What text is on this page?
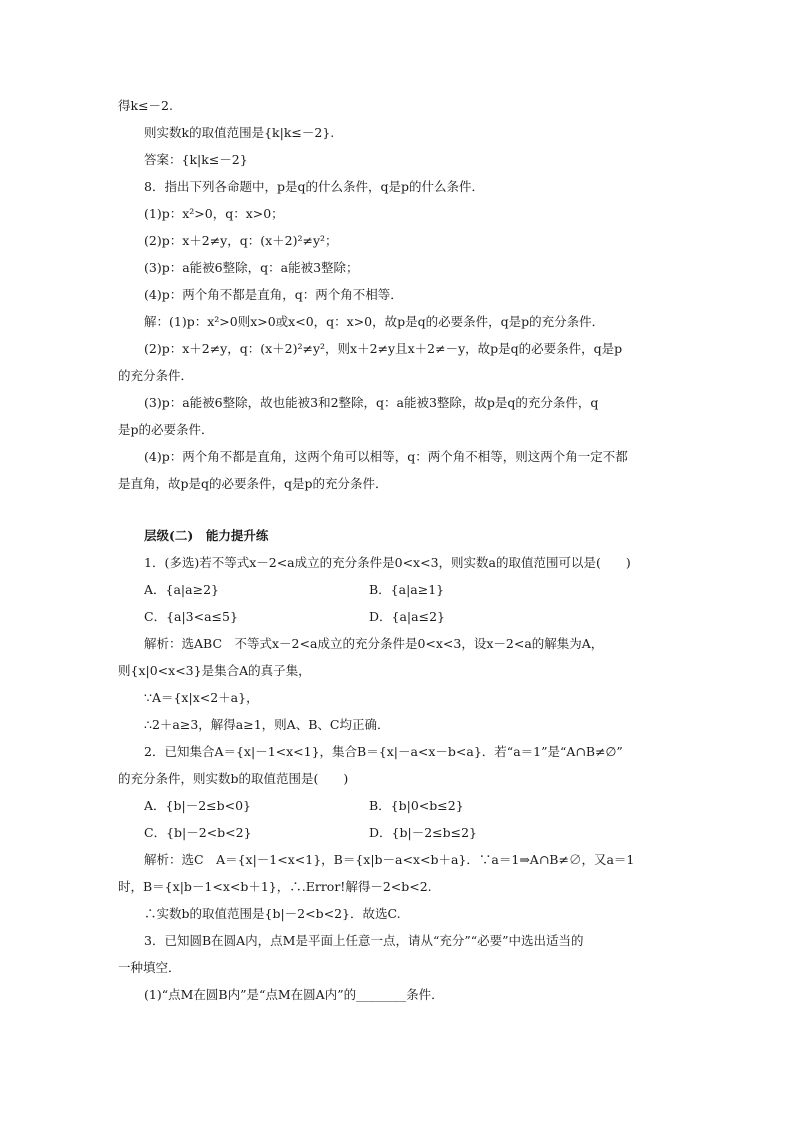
得k≤－2.
则实数k的取值范围是{k|k≤－2}.
答案：{k|k≤－2}
8．指出下列各命题中，p是q的什么条件，q是p的什么条件．
(1)p：x²>0，q：x>0；
(2)p：x＋2≠y，q：(x＋2)²≠y²；
(3)p：a能被6整除，q：a能被3整除；
(4)p：两个角不都是直角，q：两个角不相等．
解：(1)p：x²>0则x>0或x<0，q：x>0，故p是q的必要条件，q是p的充分条件．
(2)p：x＋2≠y，q：(x＋2)²≠y²，则x＋2≠y且x＋2≠－y，故p是q的必要条件，q是p
的充分条件．
(3)p：a能被6整除，故也能被3和2整除，q：a能被3整除，故p是q的充分条件，q
是p的必要条件．
(4)p：两个角不都是直角，这两个角可以相等，q：两个角不相等，则这两个角一定不都
是直角，故p是q的必要条件，q是p的充分条件．
层级(二)　能力提升练
1．(多选)若不等式x－2<a成立的充分条件是0<x<3，则实数a的取值范围可以是(　　)
A．{a|a≥2}	B．{a|a≥1}
C．{a|3<a≤5}	D．{a|a≤2}
解析：选ABC　不等式x－2<a成立的充分条件是0<x<3，设x－2<a的解集为A，
则{x|0<x<3}是集合A的真子集，
∵A＝{x|x<2＋a}，
∴2＋a≥3，解得a≥1，则A、B、C均正确．
2．已知集合A＝{x|－1<x<1}，集合B＝{x|－a<x－b<a}．若“a＝1”是“A∩B≠∅”
的充分条件，则实数b的取值范围是(　　)
A．{b|－2≤b<0}	B．{b|0<b≤2}
C．{b|－2<b<2}	D．{b|－2≤b≤2}
解析：选C　A＝{x|－1<x<1}，B＝{x|b－a<x<b＋a}．∵a＝1⇒A∩B≠∅，又a＝1
时，B＝{x|b－1<x<b＋1}，∴.Error!解得－2<b<2.
∴实数b的取值范围是{b|－2<b<2}．故选C.
3．已知圆B在圆A内，点M是平面上任意一点，请从“充分”“必要”中选出适当的
一种填空．
(1)“点M在圆B内”是“点M在圆A内”的________条件．
